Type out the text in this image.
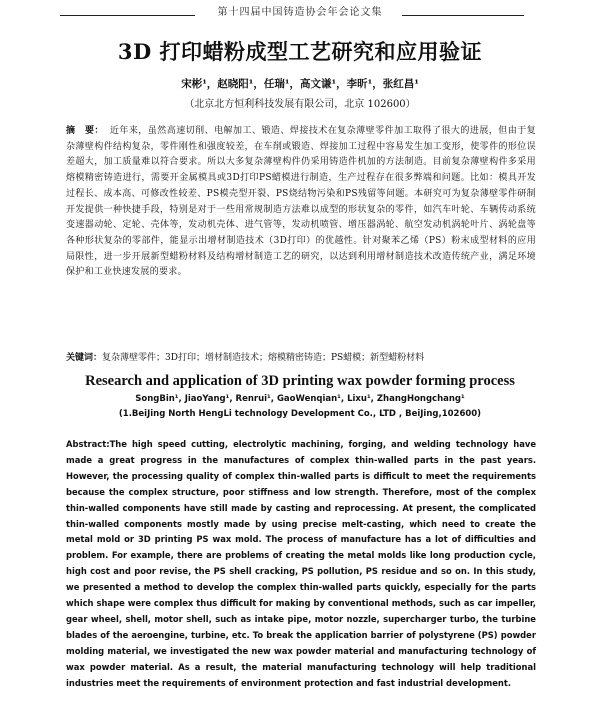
第十四届中国铸造协会年会论文集
3D 打印蜡粉成型工艺研究和应用验证
宋彬¹，赵晓阳¹，任瑞¹，高文谦¹，李昕¹，张红昌¹
（北京北方恒利科技发展有限公司，北京 102600）
摘　要： 近年来，虽然高速切削、电解加工、锻造、焊接技术在复杂薄壁零件加工取得了很大的进展，但由于复杂薄壁构件结构复杂，零件刚性和强度较差，在车削或锻造、焊接加工过程中容易发生加工变形，使零件的形位误差超大，加工质量难以符合要求。所以大多复杂薄壁构件仍采用铸造件机加的方法制造。目前复杂薄壁构件多采用熔模精密铸造进行，需要开金属模具或3D打印PS蜡模进行制造，生产过程存在很多弊端和问题。比如：模具开发过程长、成本高、可修改性较差、PS模壳型开裂、PS烧结物污染和PS残留等问题。本研究可为复杂薄壁零件研制开发提供一种快捷手段，特别是对于一些用常规制造方法难以成型的形状复杂的零件，如汽车叶轮、车辆传动系统变速器动轮、定轮、壳体等，发动机壳体、进气管等，发动机喷管、增压器涡轮、航空发动机涡轮叶片、涡轮盘等各种形状复杂的零部件，能显示出增材制造技术（3D打印）的优越性。针对聚苯乙烯（PS）粉末成型材料的应用局限性，进一步开展新型蜡粉材料及结构增材制造工艺的研究，以达到利用增材制造技术改造传统产业，满足环境保护和工业快速发展的要求。
关键词：复杂薄壁零件；3D打印；增材制造技术；熔模精密铸造；PS蜡模；新型蜡粉材料
Research and application of 3D printing wax powder forming process
SongBin¹, JiaoYang¹, Renrui¹, GaoWenqian¹, Lixu¹, ZhangHongchang¹
(1.BeiJing North HengLi technology Development Co., LTD , BeiJing,102600)
Abstract:The high speed cutting, electrolytic machining, forging, and welding technology have made a great progress in the manufactures of complex thin-walled parts in the past years. However, the processing quality of complex thin-walled parts is difficult to meet the requirements because the complex structure, poor stiffness and low strength. Therefore, most of the complex thin-walled components have still made by casting and reprocessing. At present, the complicated thin-walled components mostly made by using precise melt-casting, which need to create the metal mold or 3D printing PS wax mold. The process of manufacture has a lot of difficulties and problem. For example, there are problems of creating the metal molds like long production cycle, high cost and poor revise, the PS shell cracking, PS pollution, PS residue and so on. In this study, we presented a method to develop the complex thin-walled parts quickly, especially for the parts which shape were complex thus difficult for making by conventional methods, such as car impeller, gear wheel, shell, motor shell, such as intake pipe, motor nozzle, supercharger turbo, the turbine blades of the aeroengine, turbine, etc. To break the application barrier of polystyrene (PS) powder molding material, we investigated the new wax powder material and manufacturing technology of wax powder material. As a result, the material manufacturing technology will help traditional industries meet the requirements of environment protection and fast industrial development.
